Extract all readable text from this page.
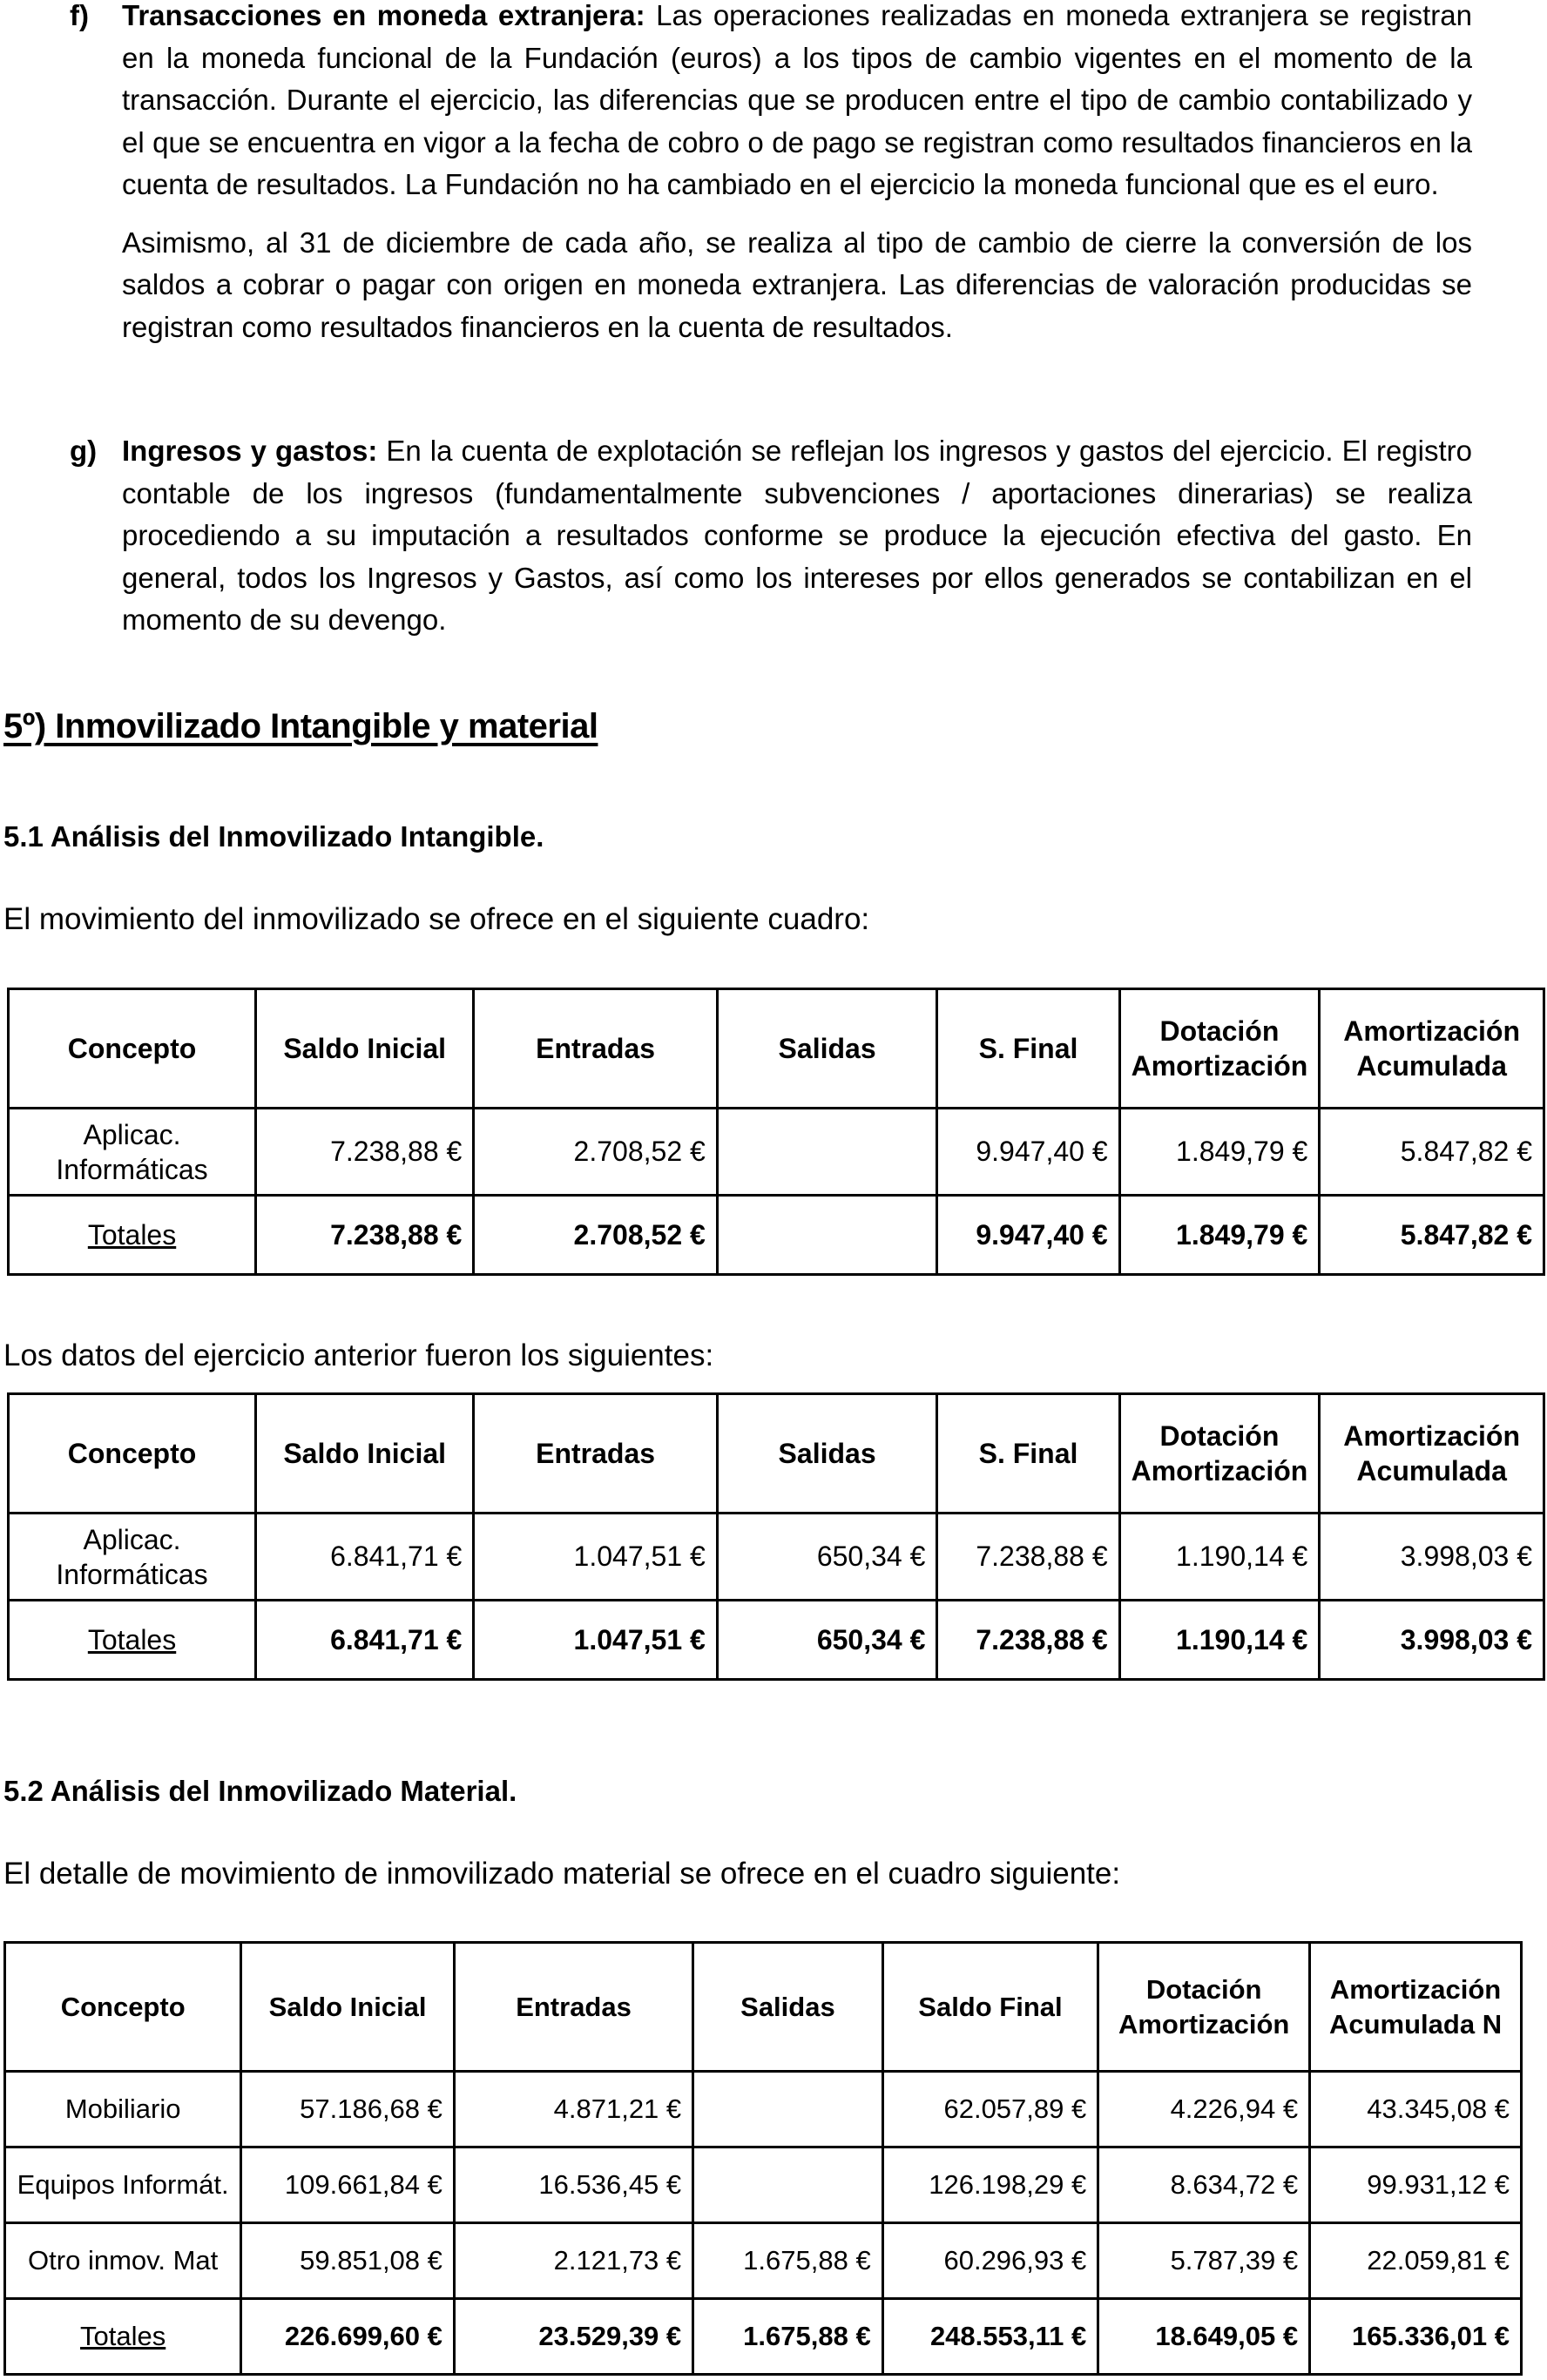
f) Transacciones en moneda extranjera: Las operaciones realizadas en moneda extranjera se registran en la moneda funcional de la Fundación (euros) a los tipos de cambio vigentes en el momento de la transacción. Durante el ejercicio, las diferencias que se producen entre el tipo de cambio contabilizado y el que se encuentra en vigor a la fecha de cobro o de pago se registran como resultados financieros en la cuenta de resultados. La Fundación no ha cambiado en el ejercicio la moneda funcional que es el euro.

Asimismo, al 31 de diciembre de cada año, se realiza al tipo de cambio de cierre la conversión de los saldos a cobrar o pagar con origen en moneda extranjera. Las diferencias de valoración producidas se registran como resultados financieros en la cuenta de resultados.

g) Ingresos y gastos: En la cuenta de explotación se reflejan los ingresos y gastos del ejercicio. El registro contable de los ingresos (fundamentalmente subvenciones / aportaciones dinerarias) se realiza procediendo a su imputación a resultados conforme se produce la ejecución efectiva del gasto. En general, todos los Ingresos y Gastos, así como los intereses por ellos generados se contabilizan en el momento de su devengo.

5º) Inmovilizado Intangible y material
5.1 Análisis del Inmovilizado Intangible.
El movimiento del inmovilizado se ofrece en el siguiente cuadro:
Concepto	Saldo Inicial	Entradas	Salidas	S. Final	Dotación Amortización	Amortización Acumulada
Aplicac. Informáticas	7.238,88 €	2.708,52 €		9.947,40 €	1.849,79 €	5.847,82 €
Totales	7.238,88 €	2.708,52 €		9.947,40 €	1.849,79 €	5.847,82 €
Los datos del ejercicio anterior fueron los siguientes:
Concepto	Saldo Inicial	Entradas	Salidas	S. Final	Dotación Amortización	Amortización Acumulada
Aplicac. Informáticas	6.841,71 €	1.047,51 €	650,34 €	7.238,88 €	1.190,14 €	3.998,03 €
Totales	6.841,71 €	1.047,51 €	650,34 €	7.238,88 €	1.190,14 €	3.998,03 €
5.2 Análisis del Inmovilizado Material.
El detalle de movimiento de inmovilizado material se ofrece en el cuadro siguiente:
Concepto	Saldo Inicial	Entradas	Salidas	Saldo Final	Dotación Amortización	Amortización Acumulada N
Mobiliario	57.186,68 €	4.871,21 €		62.057,89 €	4.226,94 €	43.345,08 €
Equipos Informát.	109.661,84 €	16.536,45 €		126.198,29 €	8.634,72 €	99.931,12 €
Otro inmov. Mat	59.851,08 €	2.121,73 €	1.675,88 €	60.296,93 €	5.787,39 €	22.059,81 €
Totales	226.699,60 €	23.529,39 €	1.675,88 €	248.553,11 €	18.649,05 €	165.336,01 €
